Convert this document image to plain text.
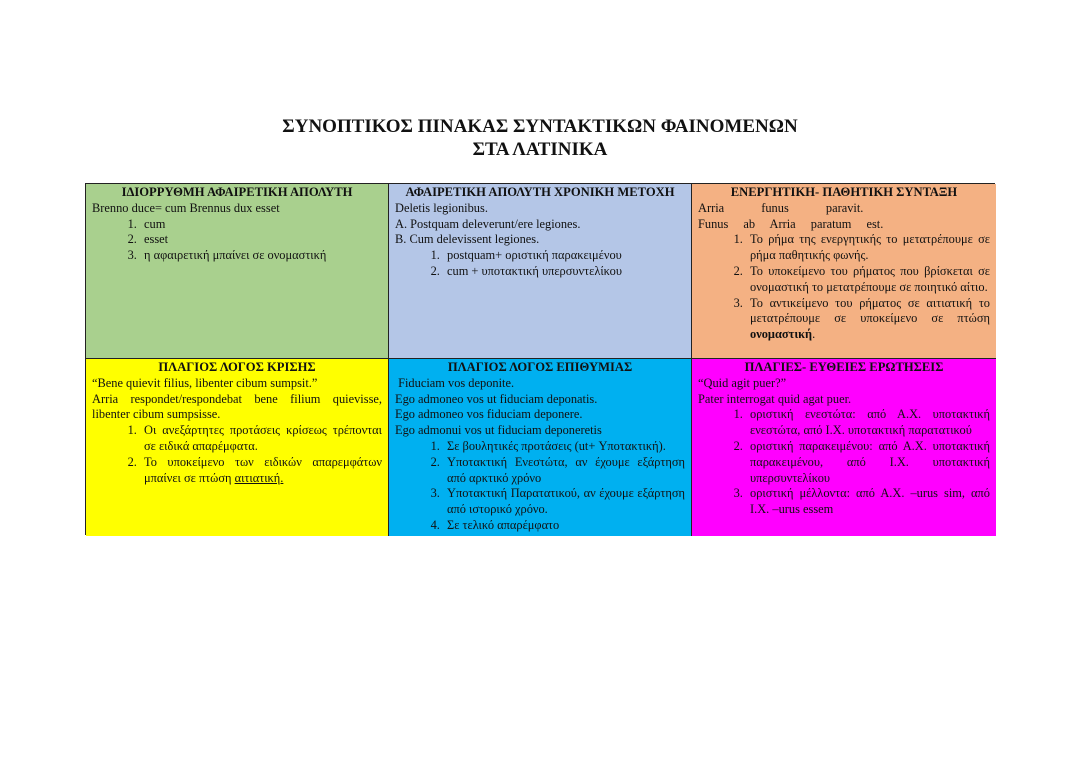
ΣΥΝΟΠΤΙΚΟΣ ΠΙΝΑΚΑΣ ΣΥΝΤΑΚΤΙΚΩΝ ΦΑΙΝΟΜΕΝΩΝ
ΣΤΑ ΛΑΤΙΝΙΚΑ
ΙΔΙΟΡΡΥΘΜΗ ΑΦΑΙΡΕΤΙΚΗ ΑΠΟΛΥΤΗ
Brenno duce= cum Brennus dux esset
1. cum
2. esset
3. η αφαιρετική μπαίνει σε ονομαστική
ΑΦΑΙΡΕΤΙΚΗ ΑΠΟΛΥΤΗ ΧΡΟΝΙΚΗ ΜΕΤΟΧΗ
Deletis legionibus.
A. Postquam deleverunt/ere legiones.
B. Cum delevissent legiones.
1. postquam+ οριστική παρακειμένου
2. cum + υποτακτική υπερσυντελίκου
ΕΝΕΡΓΗΤΙΚΗ- ΠΑΘΗΤΙΚΗ ΣΥΝΤΑΞΗ
Arria funus paravit.
Funus ab Arria paratum est.
1. Το ρήμα της ενεργητικής το μετατρέπουμε σε ρήμα παθητικής φωνής.
2. Το υποκείμενο του ρήματος που βρίσκεται σε ονομαστική το μετατρέπουμε σε ποιητικό αίτιο.
3. Το αντικείμενο του ρήματος σε αιτιατική το μετατρέπουμε σε υποκείμενο σε πτώση ονομαστική.
ΠΛΑΓΙΟΣ ΛΟΓΟΣ ΚΡΙΣΗΣ
“Bene quievit filius, libenter cibum sumpsit.”
Arria respondet/respondebat bene filium quievisse, libenter cibum sumpsisse.
1. Οι ανεξάρτητες προτάσεις κρίσεως τρέπονται σε ειδικά απαρέμφατα.
2. Το υποκείμενο των ειδικών απαρεμφάτων μπαίνει σε πτώση αιτιατική.
ΠΛΑΓΙΟΣ ΛΟΓΟΣ ΕΠΙΘΥΜΙΑΣ
Fiduciam vos deponite.
Ego admoneo vos ut fiduciam deponatis.
Ego admoneo vos fiduciam deponere.
Ego admonui vos ut fiduciam deponeretis
1. Σε βουλητικές προτάσεις (ut+ Υποτακτική).
2. Υποτακτική Ενεστώτα, αν έχουμε εξάρτηση από αρκτικό χρόνο
3. Υποτακτική Παρατατικού, αν έχουμε εξάρτηση από ιστορικό χρόνο.
4. Σε τελικό απαρέμφατο
ΠΛΑΓΙΕΣ- ΕΥΘΕΙΕΣ ΕΡΩΤΗΣΕΙΣ
“Quid agit puer?”
Pater interrogat quid agat puer.
1. οριστική ενεστώτα: από Α.Χ. υποτακτική ενεστώτα, από Ι.Χ. υποτακτική παρατατικού
2. οριστική παρακειμένου: από Α.Χ. υποτακτική παρακειμένου, από Ι.Χ. υποτακτική υπερσυντελίκου
3. οριστική μέλλοντα: από Α.Χ. –urus sim, από Ι.Χ. –urus essem
